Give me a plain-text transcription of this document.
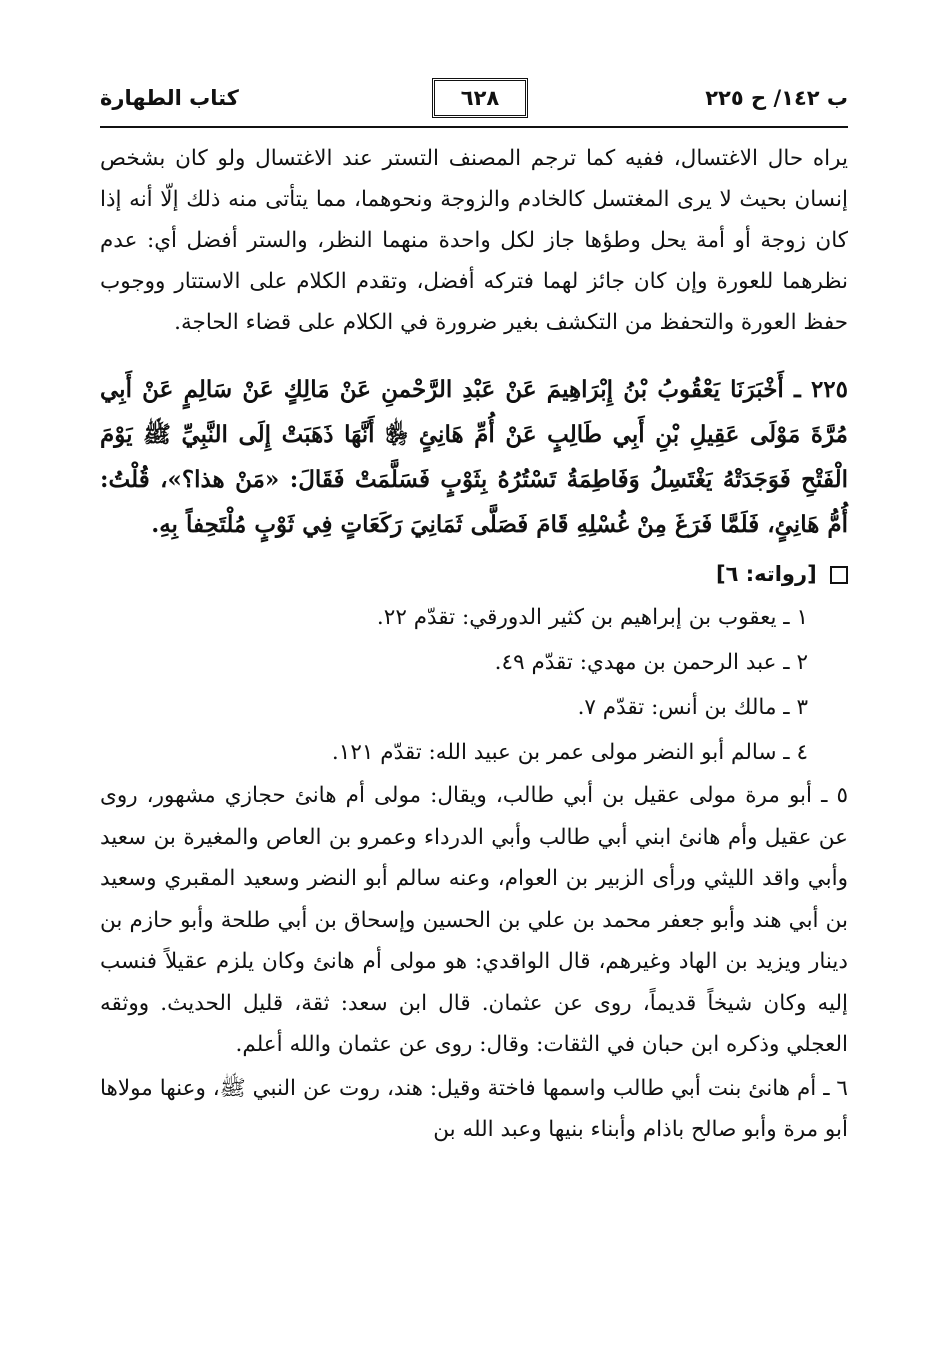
ب ١٤٢/ ح ٢٢٥
٦٢٨
كتاب الطهارة

يراه حال الاغتسال، ففيه كما ترجم المصنف التستر عند الاغتسال ولو كان بشخص إنسان بحيث لا يرى المغتسل كالخادم والزوجة ونحوهما، مما يتأتى منه ذلك إلّا أنه إذا كان زوجة أو أمة يحل وطؤها جاز لكل واحدة منهما النظر، والستر أفضل أي: عدم نظرهما للعورة وإن كان جائز لهما فتركه أفضل، وتقدم الكلام على الاستتار ووجوب حفظ العورة والتحفظ من التكشف بغير ضرورة في الكلام على قضاء الحاجة.

٢٢٥ ـ أَخْبَرَنَا يَعْقُوبُ بْنُ إِبْرَاهِيمَ عَنْ عَبْدِ الرَّحْمنِ عَنْ مَالِكٍ عَنْ سَالِمٍ عَنْ أَبِي مُرَّةَ مَوْلَى عَقِيلِ بْنِ أَبِي طَالِبٍ عَنْ أُمِّ هَانِئٍ ﵂ أَنَّهَا ذَهَبَتْ إِلَى النَّبِيِّ ﷺ يَوْمَ الْفَتْحِ فَوَجَدَتْهُ يَغْتَسِلُ وَفَاطِمَةُ تَسْتُرُهُ بِثَوْبٍ فَسَلَّمَتْ فَقَالَ: «مَنْ هذا؟»، قُلْتُ: أُمُّ هَانِئٍ، فَلَمَّا فَرَغَ مِنْ غُسْلِهِ قَامَ فَصَلَّى ثَمَانِيَ رَكَعَاتٍ فِي ثَوْبٍ مُلْتَحِفاً بِهِ.

[رواته: ٦]
١ ـ يعقوب بن إبراهيم بن كثير الدورقي: تقدّم ٢٢.
٢ ـ عبد الرحمن بن مهدي: تقدّم ٤٩.
٣ ـ مالك بن أنس: تقدّم ٧.
٤ ـ سالم أبو النضر مولى عمر بن عبيد الله: تقدّم ١٢١.

٥ ـ أبو مرة مولى عقيل بن أبي طالب، ويقال: مولى أم هانئ حجازي مشهور، روى عن عقيل وأم هانئ ابني أبي طالب وأبي الدرداء وعمرو بن العاص والمغيرة بن سعيد وأبي واقد الليثي ورأى الزبير بن العوام، وعنه سالم أبو النضر وسعيد المقبري وسعيد بن أبي هند وأبو جعفر محمد بن علي بن الحسين وإسحاق بن أبي طلحة وأبو حازم بن دينار ويزيد بن الهاد وغيرهم، قال الواقدي: هو مولى أم هانئ وكان يلزم عقيلاً فنسب إليه وكان شيخاً قديماً، روى عن عثمان. قال ابن سعد: ثقة، قليل الحديث. ووثقه العجلي وذكره ابن حبان في الثقات: وقال: روى عن عثمان والله أعلم.

٦ ـ أم هانئ بنت أبي طالب واسمها فاختة وقيل: هند، روت عن النبي ﷺ، وعنها مولاها أبو مرة وأبو صالح باذام وأبناء بنيها وعبد الله بن
